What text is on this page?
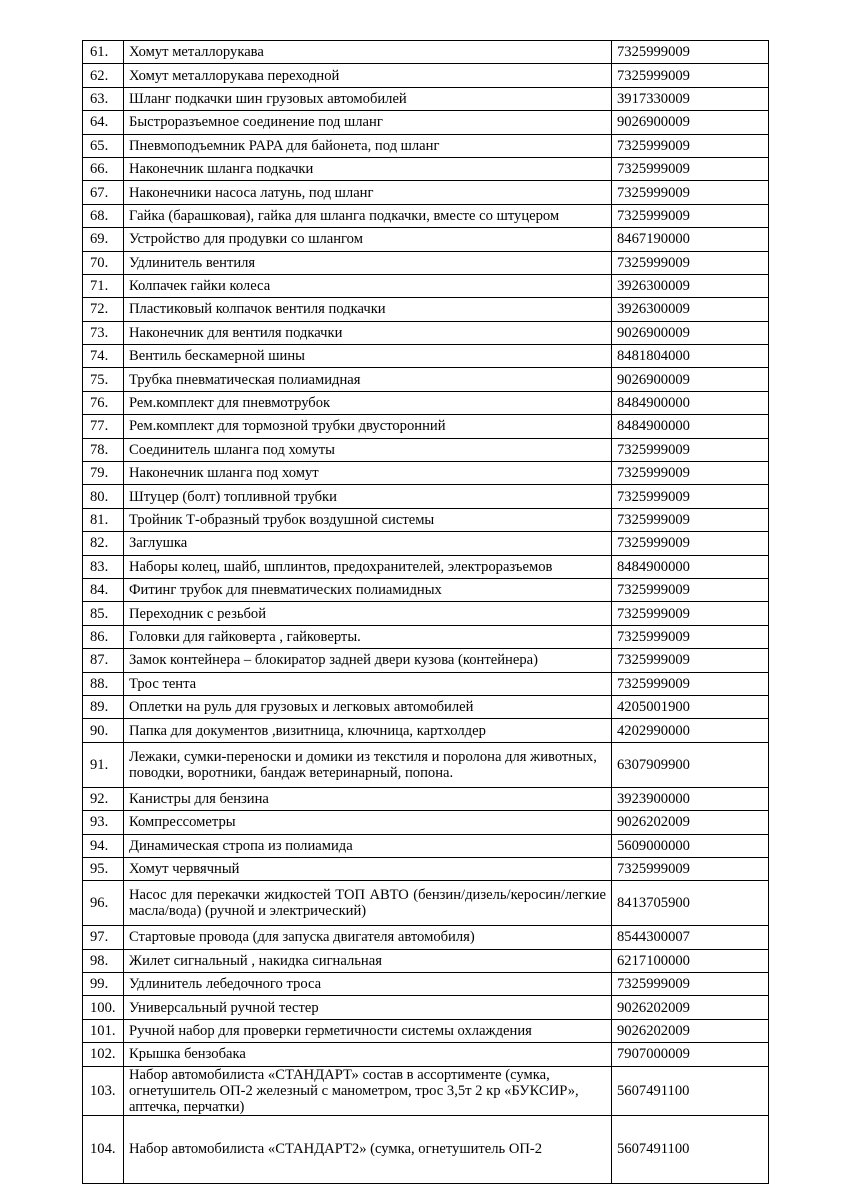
61.	Хомут металлорукава	7325999009
62.	Хомут металлорукава переходной	7325999009
63.	Шланг подкачки шин грузовых автомобилей	3917330009
64.	Быстроразъемное соединение под шланг	9026900009
65.	Пневмоподъемник PAPA для байонета, под шланг	7325999009
66.	Наконечник шланга подкачки	7325999009
67.	Наконечники насоса латунь, под шланг	7325999009
68.	Гайка (барашковая), гайка для шланга подкачки, вместе со штуцером	7325999009
69.	Устройство для продувки со шлангом	8467190000
70.	Удлинитель вентиля	7325999009
71.	Колпачек гайки колеса	3926300009
72.	Пластиковый колпачок вентиля подкачки	3926300009
73.	Наконечник для вентиля подкачки	9026900009
74.	Вентиль бескамерной шины	8481804000
75.	Трубка пневматическая полиамидная	9026900009
76.	Рем.комплект для пневмотрубок	8484900000
77.	Рем.комплект для тормозной трубки двусторонний	8484900000
78.	Соединитель шланга под хомуты	7325999009
79.	Наконечник шланга под хомут	7325999009
80.	Штуцер (болт) топливной трубки	7325999009
81.	Тройник Т-образный трубок воздушной системы	7325999009
82.	Заглушка	7325999009
83.	Наборы колец, шайб, шплинтов, предохранителей, электроразъемов	8484900000
84.	Фитинг трубок для пневматических полиамидных	7325999009
85.	Переходник с резьбой	7325999009
86.	Головки для гайковерта , гайковерты.	7325999009
87.	Замок контейнера – блокиратор задней двери кузова (контейнера)	7325999009
88.	Трос тента	7325999009
89.	Оплетки на руль для грузовых и легковых автомобилей	4205001900
90.	Папка для документов ,визитница, ключница, картхолдер	4202990000
91.	Лежаки, сумки-переноски и домики из текстиля и поролона для животных, поводки, воротники, бандаж ветеринарный, попона.	6307909900
92.	Канистры для бензина	3923900000
93.	Компрессометры	9026202009
94.	Динамическая стропа из полиамида	5609000000
95.	Хомут червячный	7325999009
96.	Насос для перекачки жидкостей ТОП АВТО (бензин/дизель/керосин/легкие масла/вода) (ручной и электрический)	8413705900
97.	Стартовые провода (для запуска двигателя автомобиля)	8544300007
98.	Жилет сигнальный , накидка сигнальная	6217100000
99.	Удлинитель лебедочного троса	7325999009
100.	Универсальный ручной тестер	9026202009
101.	Ручной набор для проверки герметичности системы охлаждения	9026202009
102.	Крышка бензобака	7907000009
103.	Набор автомобилиста «СТАНДАРТ» состав в ассортименте (сумка, огнетушитель ОП-2 железный с манометром, трос 3,5т 2 кр «БУКСИР», аптечка, перчатки)	5607491100
104.	Набор автомобилиста «СТАНДАРТ2» (сумка, огнетушитель ОП-2	5607491100
